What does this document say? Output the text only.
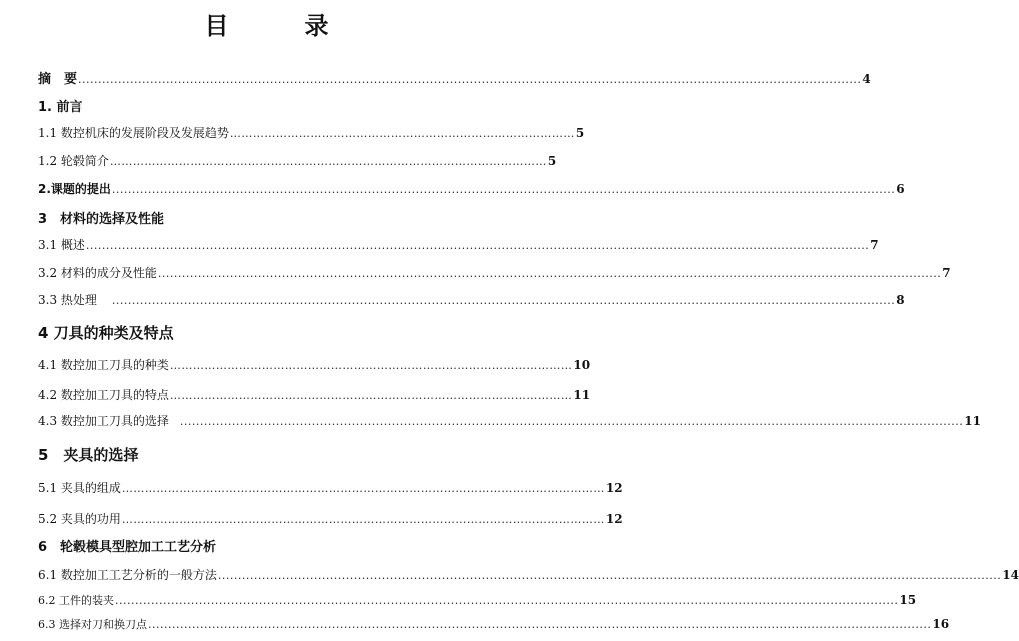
目　录
摘　要 .................................................................................................................................................................................................... 4
1. 前言
1.1 数控机床的发展阶段及发展趋势 ……………………………………………………………………………… 5
1.2 轮毂简介 …………………………………………………………………………………………………… 5
2.课题的提出 .................................................................................................................................................................................................... 6
3　材料的选择及性能
3.1 概述 .................................................................................................................................................................................................... 7
3.2 材料的成分及性能 .................................................................................................................................................................................................... 7
3.3 热处理 .................................................................................................................................................................................................... 8
4 刀具的种类及特点
4.1 数控加工刀具的种类 …………………………………………………………………………………………… 10
4.2 数控加工刀具的特点 …………………………………………………………………………………………… 11
4.3 数控加工刀具的选择 .................................................................................................................................................................................................... 11
5　夹具的选择
5.1 夹具的组成 ……………………………………………………………………………………………………………… 12
5.2 夹具的功用 ……………………………………………………………………………………………………………… 12
6　轮毂模具型腔加工工艺分析
6.1 数控加工工艺分析的一般方法 .................................................................................................................................................................................................... 14
6.2 工件的装夹 .................................................................................................................................................................................................... 15
6.3 选择对刀和换刀点 .................................................................................................................................................................................................... 16
